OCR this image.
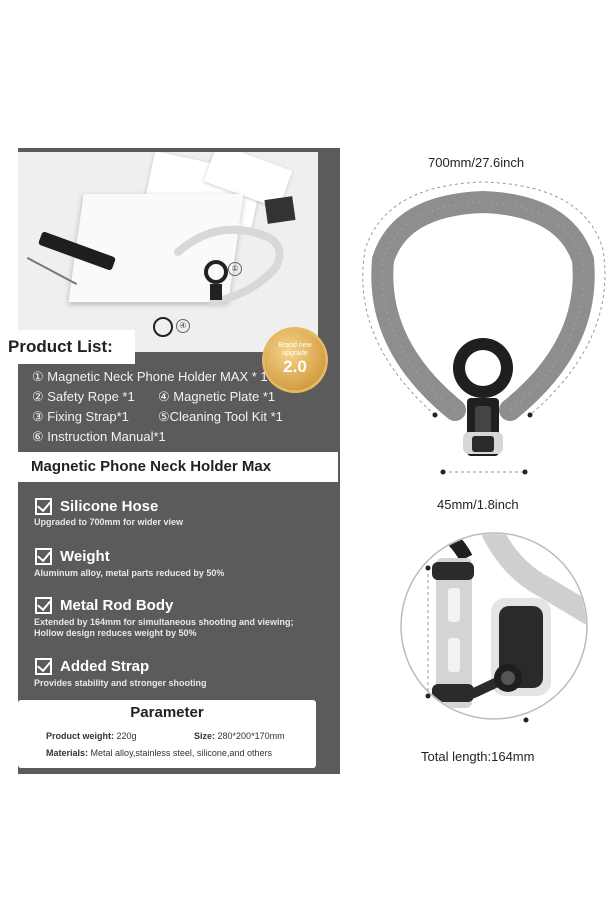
①
④
Product List:	Brand new
upgrade
2.0
① Magnetic Neck Phone Holder MAX * 1
② Safety Rope *1 ④ Magnetic Plate *1
③ Fixing Strap*1 ⑤Cleaning Tool Kit *1
⑥ Instruction Manual*1
Magnetic Phone Neck Holder Max
Silicone Hose
Upgraded to 700mm for wider view
Weight
Aluminum alloy, metal parts reduced by 50%
Metal Rod Body
Extended by 164mm for simultaneous shooting and viewing;
Hollow design reduces weight by 50%
Added Strap
Provides stability and stronger shooting
Parameter
Product weight: 220g	Size: 280*200*170mm
Materials: Metal alloy,stainless steel, silicone,and others
700mm/27.6inch
45mm/1.8inch
Total length:164mm
